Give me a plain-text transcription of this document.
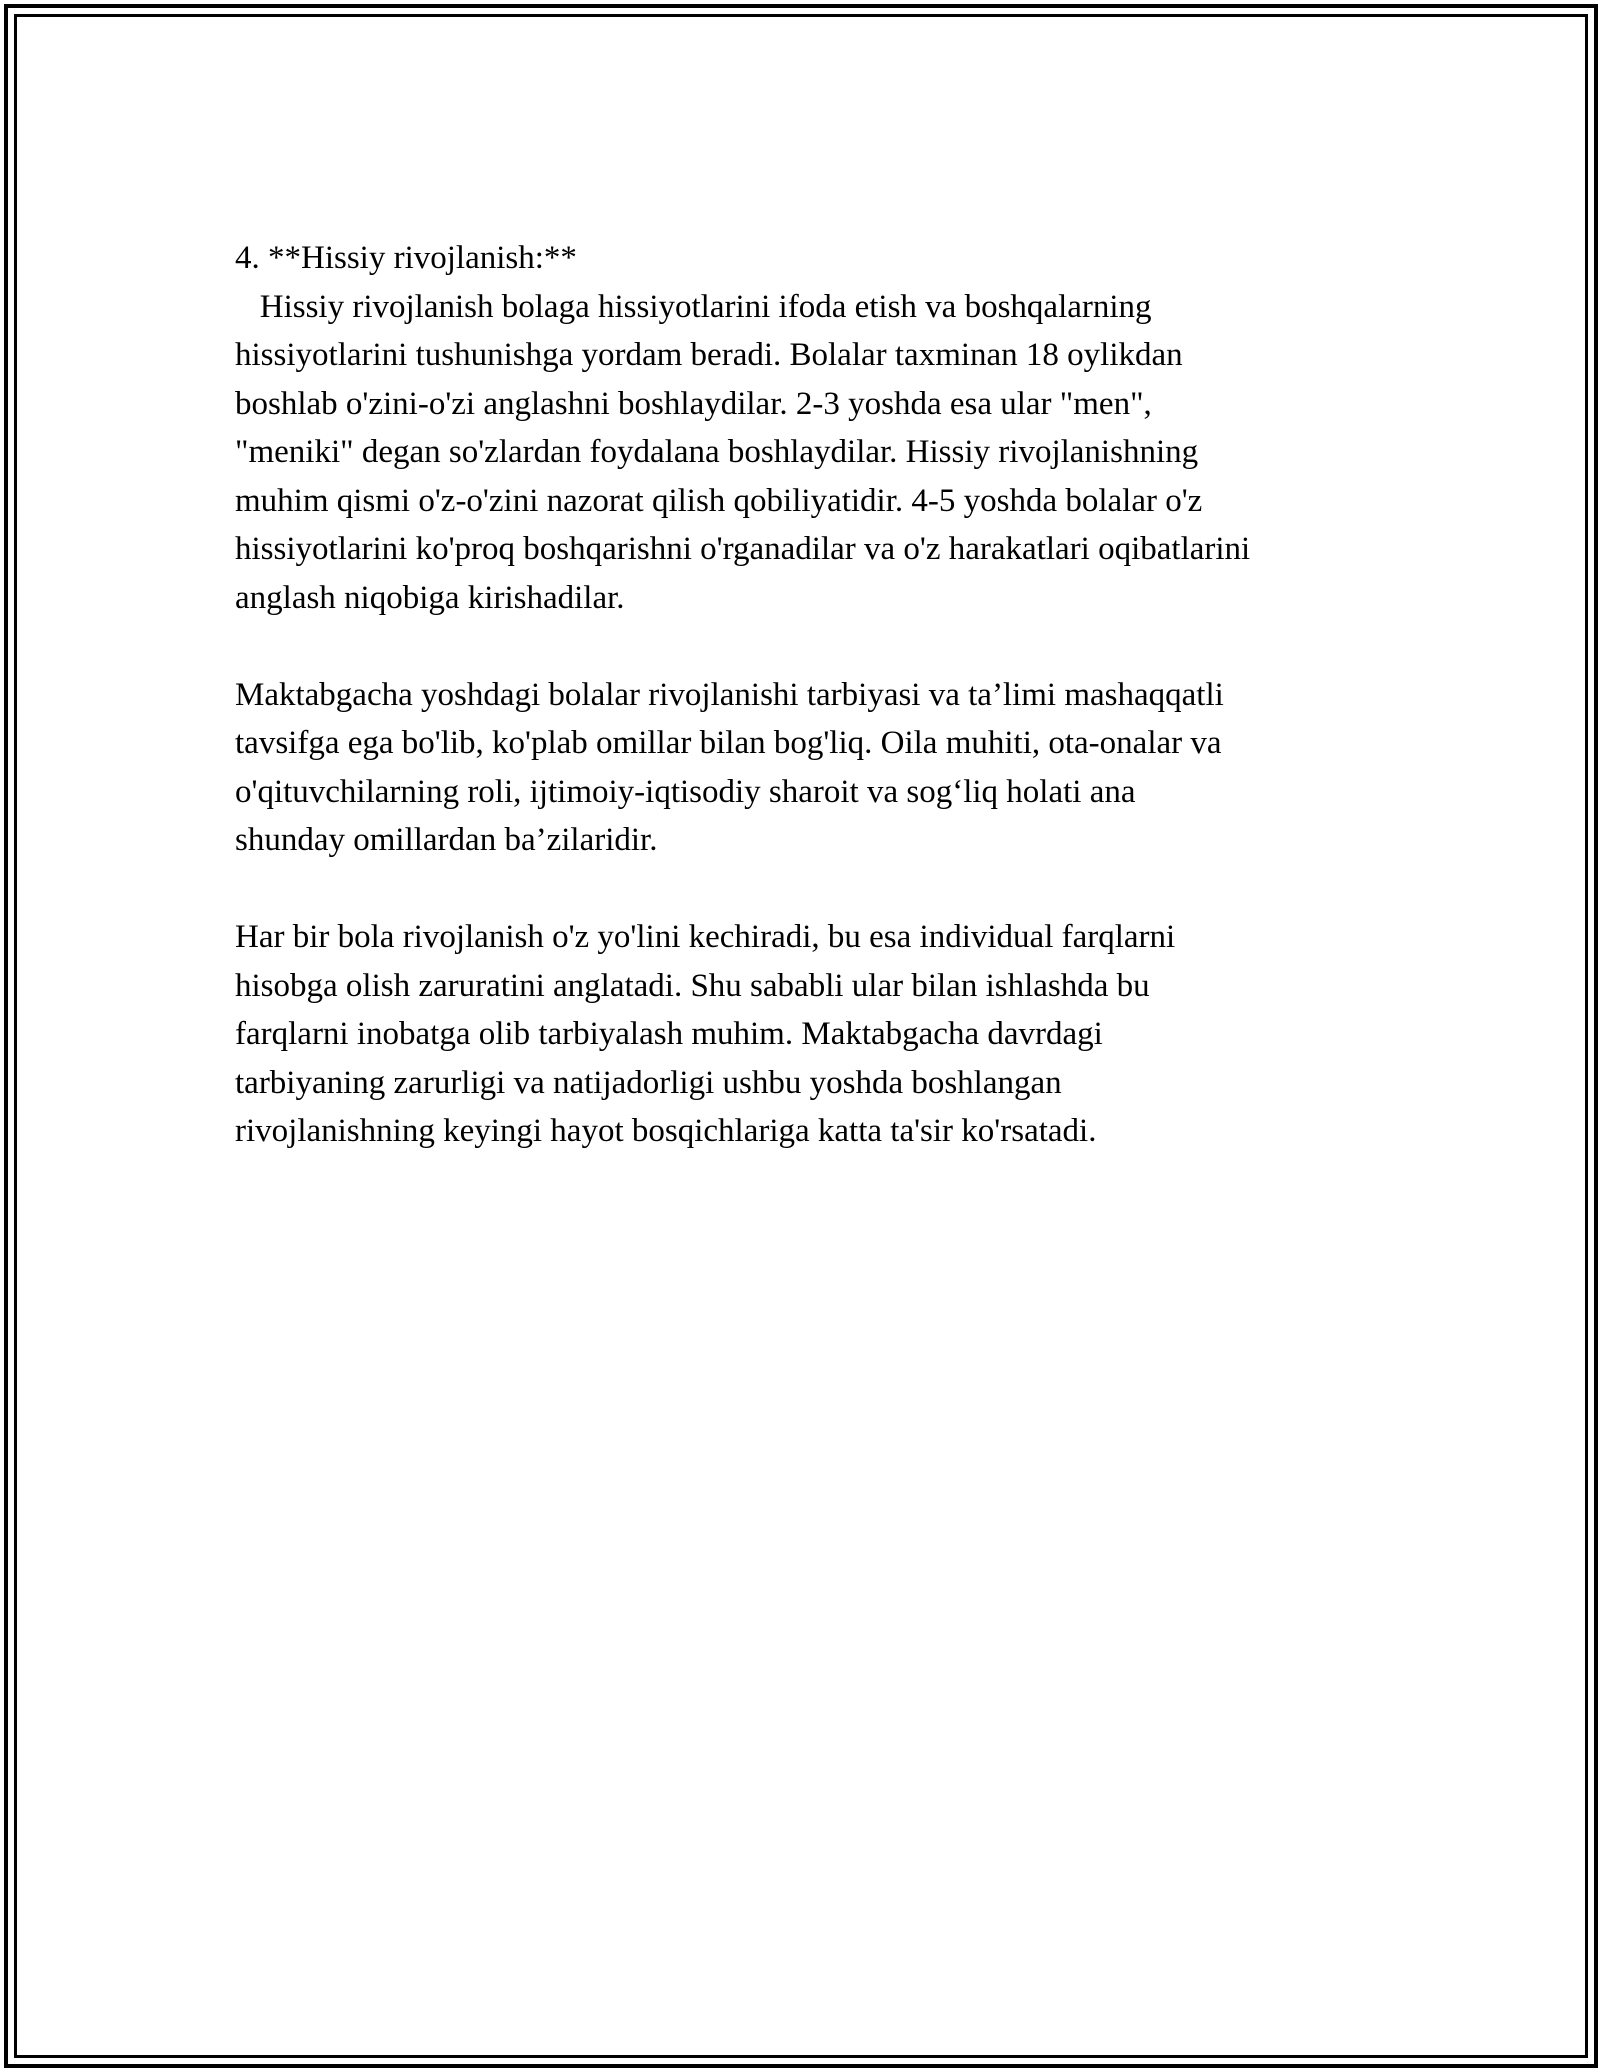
4. **Hissiy rivojlanish:**
Hissiy rivojlanish bolaga hissiyotlarini ifoda etish va boshqalarning
hissiyotlarini tushunishga yordam beradi. Bolalar taxminan 18 oylikdan
boshlab o'zini-o'zi anglashni boshlaydilar. 2-3 yoshda esa ular "men",
"meniki" degan so'zlardan foydalana boshlaydilar. Hissiy rivojlanishning
muhim qismi o'z-o'zini nazorat qilish qobiliyatidir. 4-5 yoshda bolalar o'z
hissiyotlarini ko'proq boshqarishni o'rganadilar va o'z harakatlari oqibatlarini
anglash niqobiga kirishadilar.
Maktabgacha yoshdagi bolalar rivojlanishi tarbiyasi va ta’limi mashaqqatli
tavsifga ega bo'lib, ko'plab omillar bilan bog'liq. Oila muhiti, ota-onalar va
o'qituvchilarning roli, ijtimoiy-iqtisodiy sharoit va sog‘liq holati ana
shunday omillardan ba’zilaridir.
Har bir bola rivojlanish o'z yo'lini kechiradi, bu esa individual farqlarni
hisobga olish zaruratini anglatadi. Shu sababli ular bilan ishlashda bu
farqlarni inobatga olib tarbiyalash muhim. Maktabgacha davrdagi
tarbiyaning zarurligi va natijadorligi ushbu yoshda boshlangan
rivojlanishning keyingi hayot bosqichlariga katta ta'sir ko'rsatadi.
